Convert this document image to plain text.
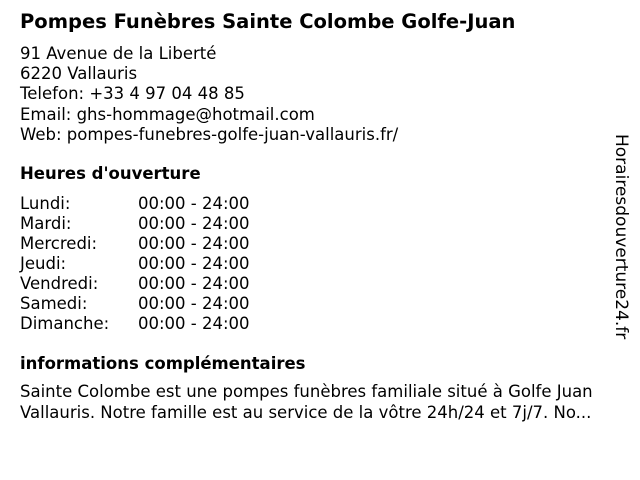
Pompes Funèbres Sainte Colombe Golfe-Juan
91 Avenue de la Liberté
6220 Vallauris
Telefon: +33 4 97 04 48 85
Email: ghs-hommage@hotmail.com
Web: pompes-funebres-golfe-juan-vallauris.fr/
Heures d'ouverture
Lundi:	00:00 - 24:00
Mardi:	00:00 - 24:00
Mercredi: 00:00 - 24:00
Jeudi:	00:00 - 24:00
Vendredi: 00:00 - 24:00
Samedi:	00:00 - 24:00
Dimanche: 00:00 - 24:00
informations complémentaires
Sainte Colombe est une pompes funèbres familiale situé à Golfe Juan
Vallauris. Notre famille est au service de la vôtre 24h/24 et 7j/7. No...
Horairesdouverture24.fr
